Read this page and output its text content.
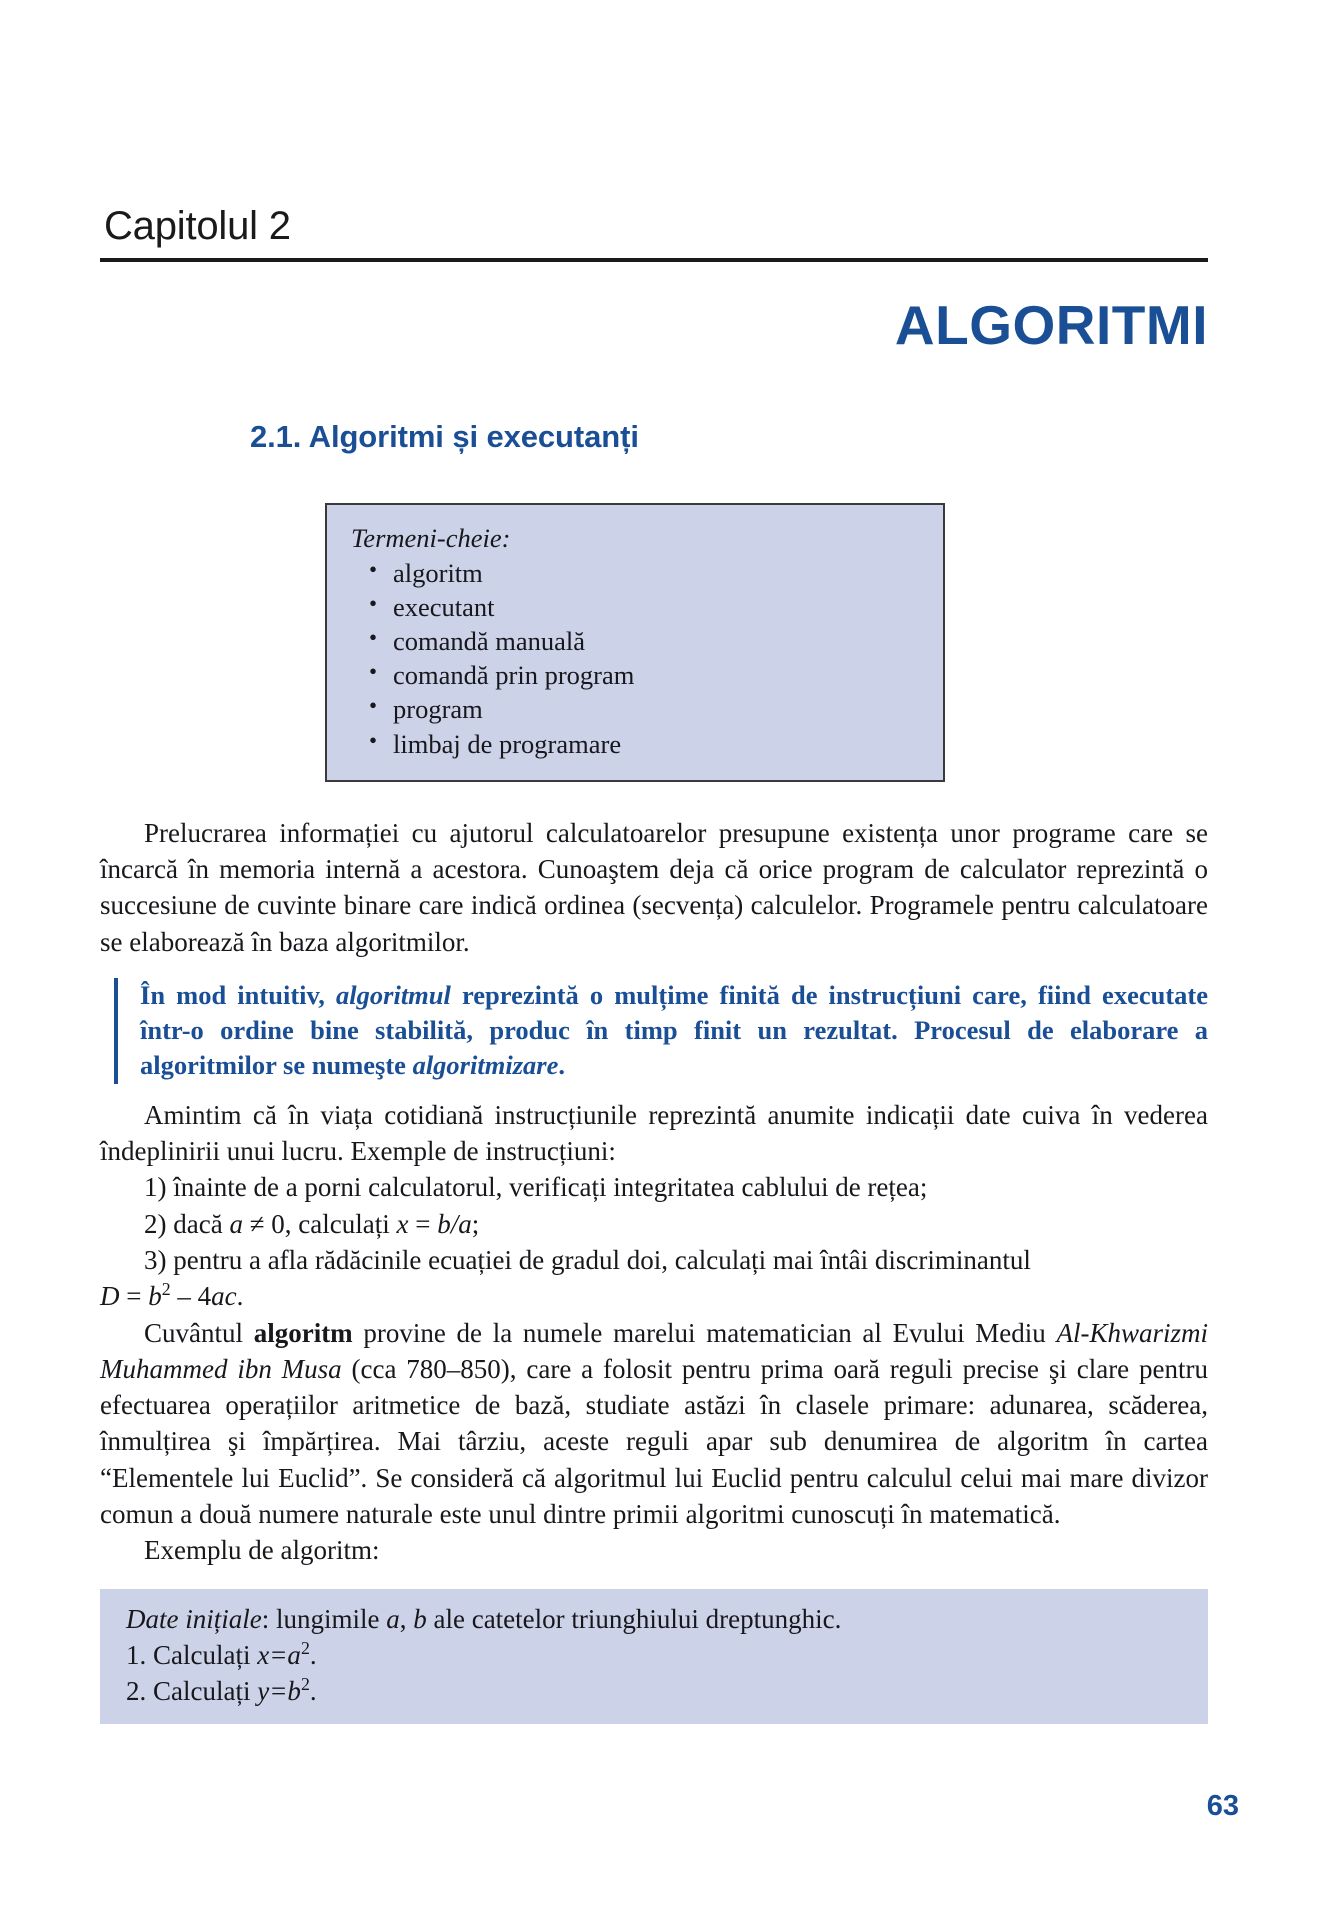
Capitolul 2
ALGORITMI
2.1. Algoritmi și executanți
Termeni-cheie:
• algoritm
• executant
• comandă manuală
• comandă prin program
• program
• limbaj de programare

Prelucrarea informației cu ajutorul calculatoarelor presupune existența unor programe care se încarcă în memoria internă a acestora. Cunoaştem deja că orice program de calculator reprezintă o succesiune de cuvinte binare care indică ordinea (secvența) calculelor. Programele pentru calculatoare se elaborează în baza algoritmilor.

În mod intuitiv, algoritmul reprezintă o mulțime finită de instrucțiuni care, fiind executate într-o ordine bine stabilită, produc în timp finit un rezultat. Procesul de elaborare a algoritmilor se numeşte algoritmizare.

Amintim că în viața cotidiană instrucțiunile reprezintă anumite indicații date cuiva în vederea îndeplinirii unui lucru. Exemple de instrucțiuni:

1) înainte de a porni calculatorul, verificați integritatea cablului de rețea;
2) dacă a ≠ 0, calculați x = b/a;
3) pentru a afla rădăcinile ecuației de gradul doi, calculați mai întâi discriminantul
$D = b^2 - 4ac$.

Cuvântul algoritm provine de la numele marelui matematician al Evului Mediu Al-Khwarizmi Muhammed ibn Musa (cca 780–850), care a folosit pentru prima oară reguli precise şi clare pentru efectuarea operațiilor aritmetice de bază, studiate astăzi în clasele primare: adunarea, scăderea, înmulțirea şi împărțirea. Mai târziu, aceste reguli apar sub denumirea de algoritm în cartea “Elementele lui Euclid”. Se consideră că algoritmul lui Euclid pentru calculul celui mai mare divizor comun a două numere naturale este unul dintre primii algoritmi cunoscuți în matematică.

Exemplu de algoritm:

Date inițiale: lungimile a, b ale catetelor triunghiului dreptunghic.
1. Calculați $x=a^2$.
2. Calculați $y=b^2$.
63
